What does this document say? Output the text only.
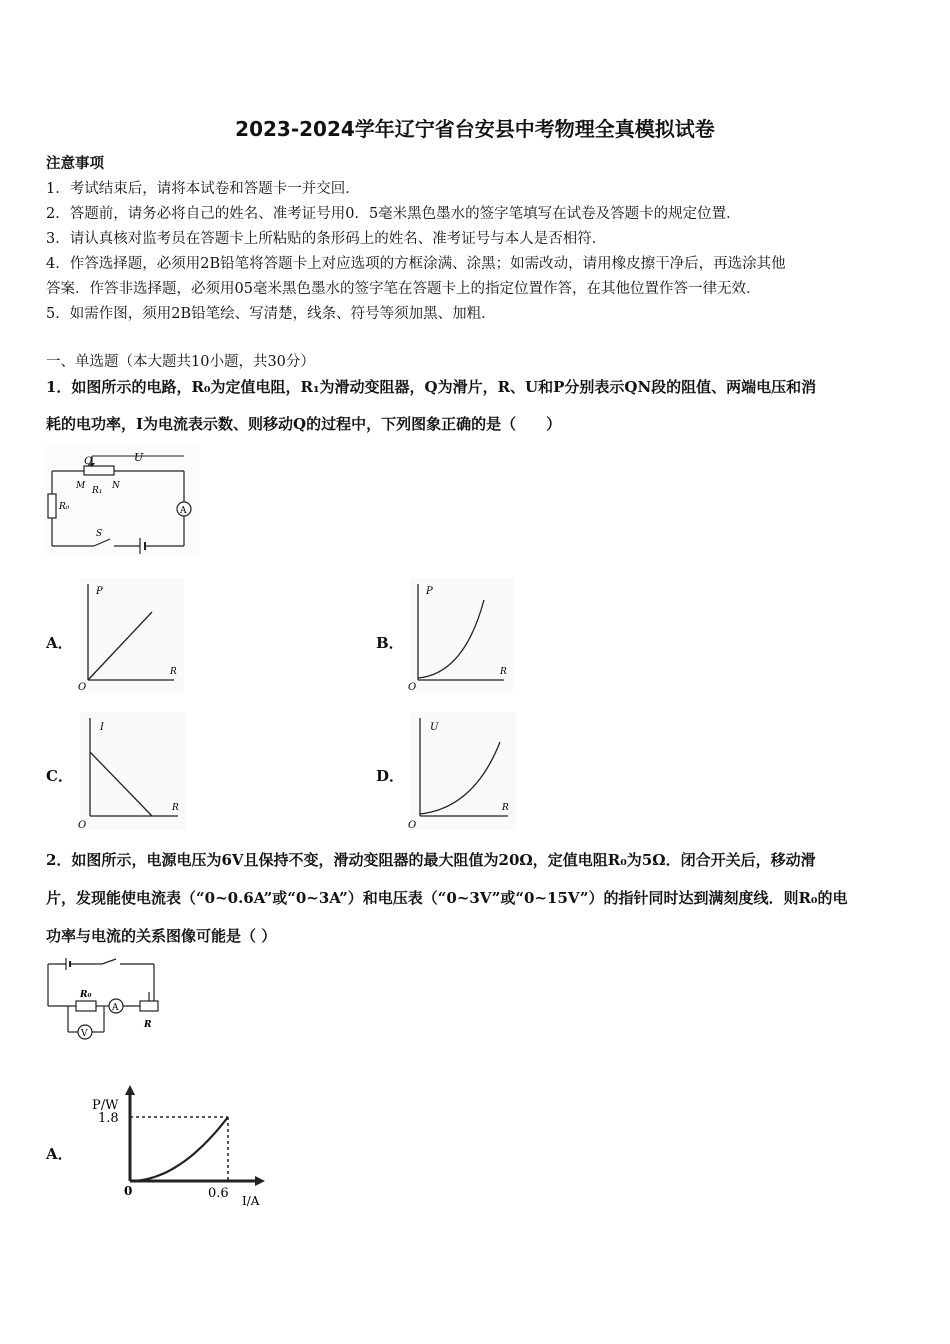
2023-2024学年辽宁省台安县中考物理全真模拟试卷
注意事项
1．考试结束后，请将本试卷和答题卡一并交回．
2．答题前，请务必将自己的姓名、准考证号用0．5毫米黑色墨水的签字笔填写在试卷及答题卡的规定位置．
3．请认真核对监考员在答题卡上所粘贴的条形码上的姓名、准考证号与本人是否相符．
4．作答选择题，必须用2B铅笔将答题卡上对应选项的方框涂满、涂黑；如需改动，请用橡皮擦干净后，再选涂其他
答案．作答非选择题，必须用05毫米黑色墨水的签字笔在答题卡上的指定位置作答，在其他位置作答一律无效．
5．如需作图，须用2B铅笔绘、写清楚，线条、符号等须加黑、加粗．
一、单选题（本大题共10小题，共30分）
1．如图所示的电路，R₀为定值电阻，R₁为滑动变阻器，Q为滑片，R、U和P分别表示QN段的阻值、两端电压和消
耗的电功率，I为电流表示数、则移动Q的过程中，下列图象正确的是（　　）
U
Q
M R₁ N
R₀	A
S
A．
P
R
O
B．
P
R
O
C．
I
R
O
D．
U
R
O
2．如图所示，电源电压为6V且保持不变，滑动变阻器的最大阻值为20Ω，定值电阻R₀为5Ω．闭合开关后，移动滑
片，发现能使电流表（“0~0.6A”或“0~3A”）和电压表（“0~3V”或“0~15V”）的指针同时达到满刻度线．则R₀的电
功率与电流的关系图像可能是（ ）
R₀
A
R
V
A．
P/W
1.8
0	0.6 I/A
